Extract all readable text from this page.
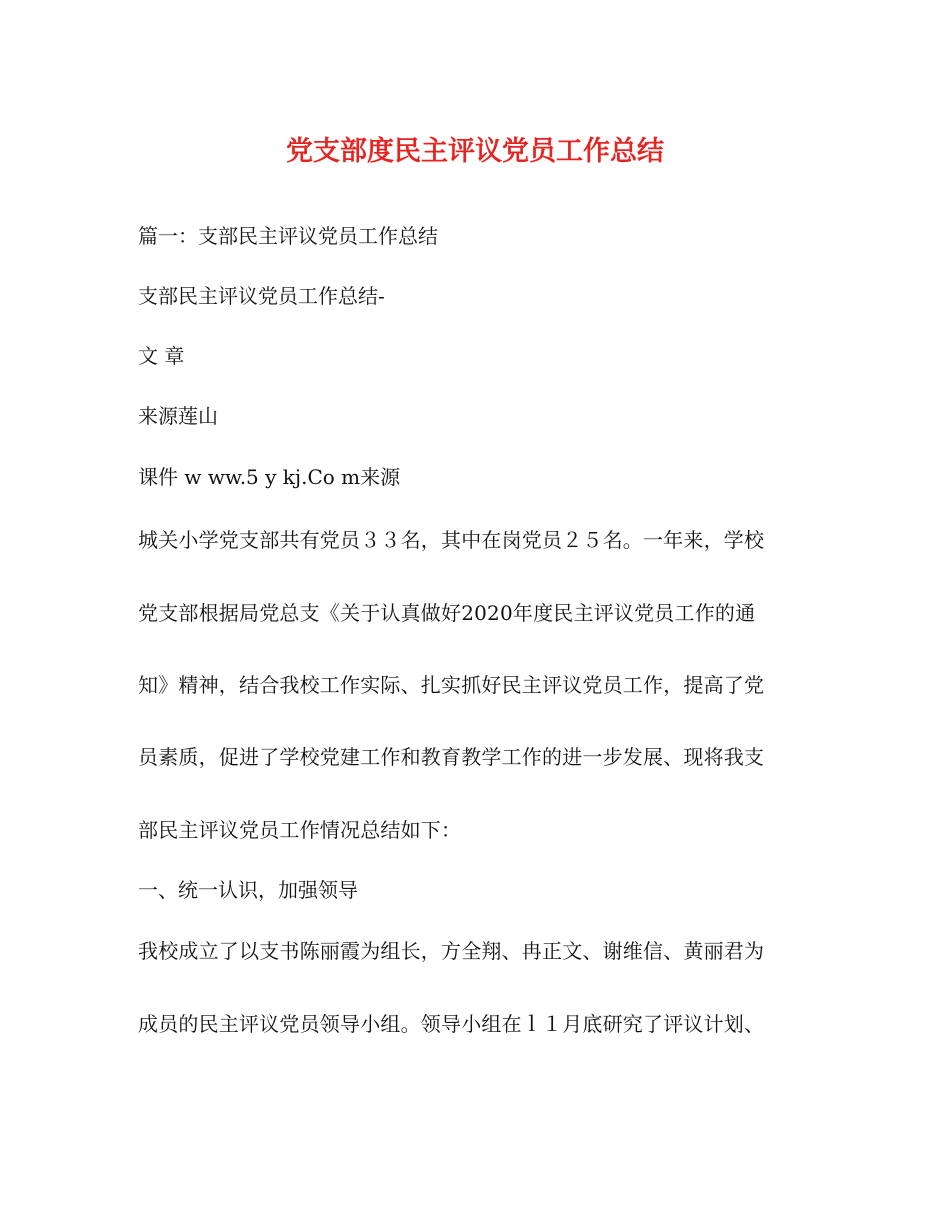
党支部度民主评议党员工作总结
篇一：支部民主评议党员工作总结
支部民主评议党员工作总结-
文 章
来源莲山
课件 w ww.5 y kj.Co m来源
城关小学党支部共有党员３３名，其中在岗党员２５名。一年来，学校
党支部根据局党总支《关于认真做好2020年度民主评议党员工作的通
知》精神，结合我校工作实际、扎实抓好民主评议党员工作，提高了党
员素质，促进了学校党建工作和教育教学工作的进一步发展、现将我支
部民主评议党员工作情况总结如下：
一、统一认识，加强领导
我校成立了以支书陈丽霞为组长，方全翔、冉正文、谢维信、黄丽君为
成员的民主评议党员领导小组。领导小组在ｌ１月底研究了评议计划、
